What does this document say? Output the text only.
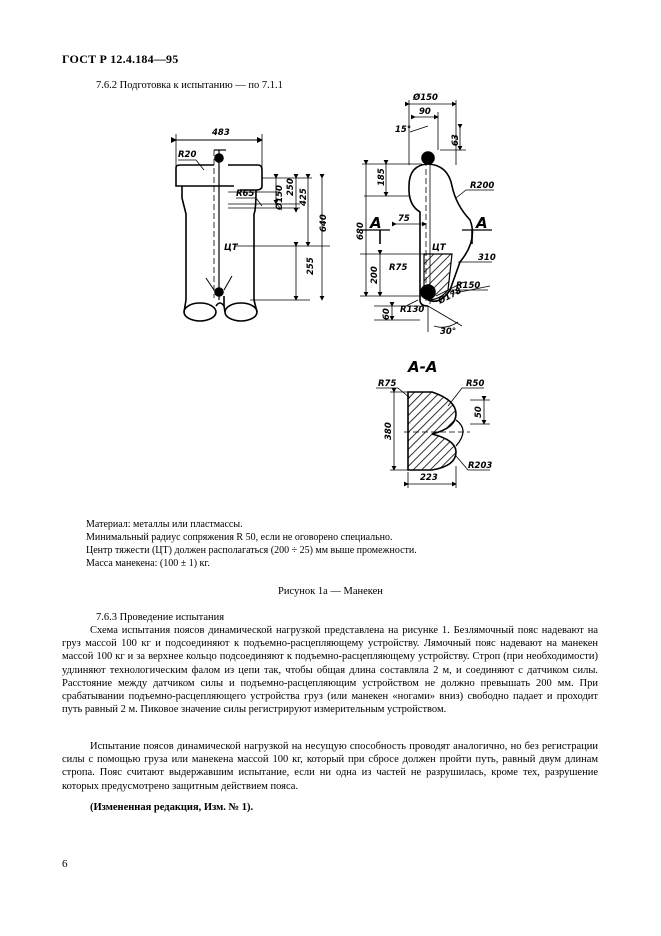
ГОСТ Р 12.4.184—95
7.6.2 Подготовка к испытанию — по 7.1.1
483
R20
R65 Ø150 250
425
640
255
ЦТ
Ø150
90
15°
63
185	R200
680
75
A	A
ЦТ
R75
200
310
R150
Ø178
R130
60
30°
А-А
R75	R50
50
380
R203
223
Материал: металлы или пластмассы.
Минимальный радиус сопряжения R 50, если не оговорено специально.
Центр тяжести (ЦТ) должен располагаться (200 ÷ 25) мм выше промежности.
Масса манекена: (100 ± 1) кг.
Рисунок 1а — Манекен
7.6.3 Проведение испытания

Схема испытания поясов динамической нагрузкой представлена на рисунке 1. Безлямочный пояс надевают на груз массой 100 кг и подсоединяют к подъемно-расцепляющему устройству. Лямочный пояс надевают на манекен массой 100 кг и за верхнее кольцо подсоединяют к подъемно-расцепляющему устройству. Строп (при необходимости) удлиняют технологическим фалом из цепи так, чтобы общая длина составляла 2 м, и соединяют с датчиком силы. Расстояние между датчиком силы и подъемно-расцепляющим устройством не должно превышать 200 мм. При срабатывании подъемно-расцепляющего устройства груз (или манекен «ногами» вниз) свободно падает и проходит путь равный 2 м. Пиковое значение силы регистрируют измерительным устройством.

Испытание поясов динамической нагрузкой на несущую способность проводят аналогично, но без регистрации силы с помощью груза или манекена массой 100 кг, который при сбросе должен пройти путь, равный двум длинам стропа. Пояс считают выдержавшим испытание, если ни одна из частей не разрушилась, кроме тех, разрушение которых предусмотрено защитным действием пояса.

(Измененная редакция, Изм. № 1).
6
